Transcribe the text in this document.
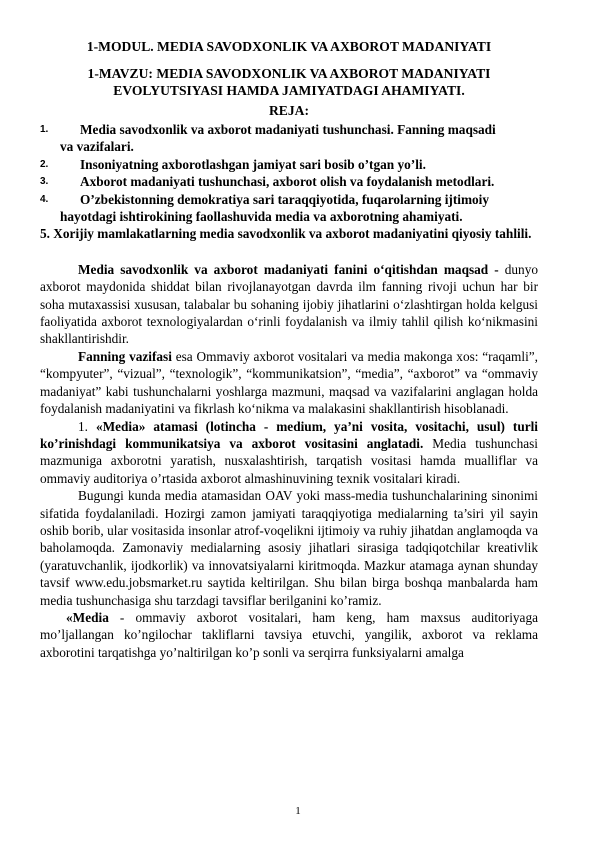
1-MODUL. MEDIA SAVODXONLIK VA AXBOROT MADANIYATI

1-MAVZU: MEDIA SAVODXONLIK VA AXBOROT MADANIYATI

EVOLYUTSIYASI HAMDA JAMIYATDAGI AHAMIYATI.

REJA:

1.	Media savodxonlik va axborot madaniyati tushunchasi. Fanning maqsadi
va vazifalari.
2. Insoniyatning axborotlashgan jamiyat sari bosib o’tgan yo’li.
3. Axborot madaniyati tushunchasi, axborot olish va foydalanish metodlari.
4.	O’zbekistonning demokratiya sari taraqqiyotida, fuqarolarning ijtimoiy
hayotdagi ishtirokining faollashuvida media va axborotning ahamiyati.

5. Xorijiy mamlakatlarning media savodxonlik va axborot madaniyatini qiyosiy tahlili.

Media savodxonlik va axborot madaniyati fanini o‘qitishdan maqsad - dunyo axborot maydonida shiddat bilan rivojlanayotgan davrda ilm fanning rivoji uchun har bir soha mutaxassisi xususan, talabalar bu sohaning ijobiy jihatlarini o‘zlashtirgan holda kelgusi faoliyatida axborot texnologiyalardan o‘rinli foydalanish va ilmiy tahlil qilish ko‘nikmasini shakllantirishdir.

Fanning vazifasi esa Ommaviy axborot vositalari va media makonga xos: “raqamli”, “kompyuter”, “vizual”, “texnologik”, “kommunikatsion”, “media”, “axborot” va “ommaviy madaniyat” kabi tushunchalarni yoshlarga mazmuni, maqsad va vazifalarini anglagan holda foydalanish madaniyatini va fikrlash ko‘nikma va malakasini shakllantirish hisoblanadi.

1. «Media» atamasi (lotincha - medium, ya’ni vosita, vositachi, usul) turli ko’rinishdagi kommunikatsiya va axborot vositasini anglatadi. Media tushunchasi mazmuniga axborotni yaratish, nusxalashtirish, tarqatish vositasi hamda mualliflar va ommaviy auditoriya o’rtasida axborot almashinuvining texnik vositalari kiradi.

Bugungi kunda media atamasidan OAV yoki mass-media tushunchalarining sinonimi sifatida foydalaniladi. Hozirgi zamon jamiyati taraqqiyotiga medialarning ta’siri yil sayin oshib borib, ular vositasida insonlar atrof-voqelikni ijtimoiy va ruhiy jihatdan anglamoqda va baholamoqda. Zamonaviy medialarning asosiy jihatlari sirasiga tadqiqotchilar kreativlik (yaratuvchanlik, ijodkorlik) va innovatsiyalarni kiritmoqda. Mazkur atamaga aynan shunday tavsif www.edu.jobsmarket.ru saytida keltirilgan. Shu bilan birga boshqa manbalarda ham media tushunchasiga shu tarzdagi tavsiflar berilganini ko’ramiz.

«Media - ommaviy axborot vositalari, ham keng, ham maxsus auditoriyaga mo’ljallangan ko’ngilochar takliflarni tavsiya etuvchi, yangilik, axborot va reklama axborotini tarqatishga yo’naltirilgan ko’p sonli va serqirra funksiyalarni amalga

1
